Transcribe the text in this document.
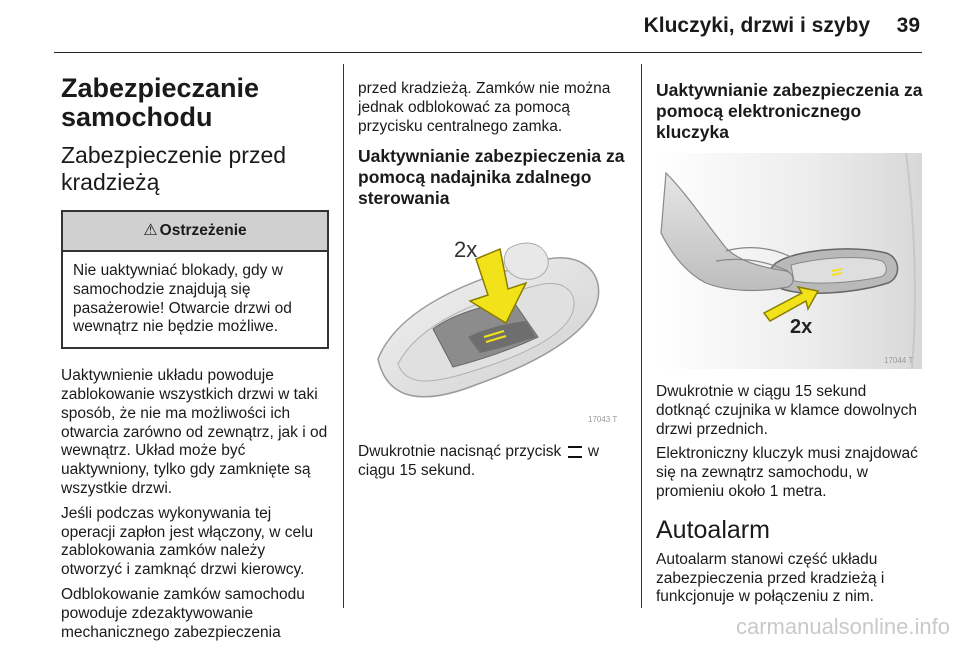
Kluczyki, drzwi i szyby	39
Zabezpieczanie samochodu
Zabezpieczenie przed kradzieżą
⚠ Ostrzeżenie
Nie uaktywniać blokady, gdy w samochodzie znajdują się pasażerowie! Otwarcie drzwi od wewnątrz nie będzie możliwe.

Uaktywnienie układu powoduje zablokowanie wszystkich drzwi w taki sposób, że nie ma możliwości ich otwarcia zarówno od zewnątrz, jak i od wewnątrz. Układ może być uaktywniony, tylko gdy zamknięte są wszystkie drzwi.

Jeśli podczas wykonywania tej operacji zapłon jest włączony, w celu zablokowania zamków należy otworzyć i zamknąć drzwi kierowcy.

Odblokowanie zamków samochodu powoduje zdezaktywowanie mechanicznego zabezpieczenia

przed kradzieżą. Zamków nie można jednak odblokować za pomocą przycisku centralnego zamka.

Uaktywnianie zabezpieczenia za pomocą nadajnika zdalnego sterowania
2x
17043 T

Dwukrotnie nacisnąć przycisk w ciągu 15 sekund.

Uaktywnianie zabezpieczenia za pomocą elektronicznego kluczyka
2x
17044 T

Dwukrotnie w ciągu 15 sekund dotknąć czujnika w klamce dowolnych drzwi przednich.

Elektroniczny kluczyk musi znajdować się na zewnątrz samochodu, w promieniu około 1 metra.

Autoalarm

Autoalarm stanowi część układu zabezpieczenia przed kradzieżą i funkcjonuje w połączeniu z nim.

carmanualsonline.info
